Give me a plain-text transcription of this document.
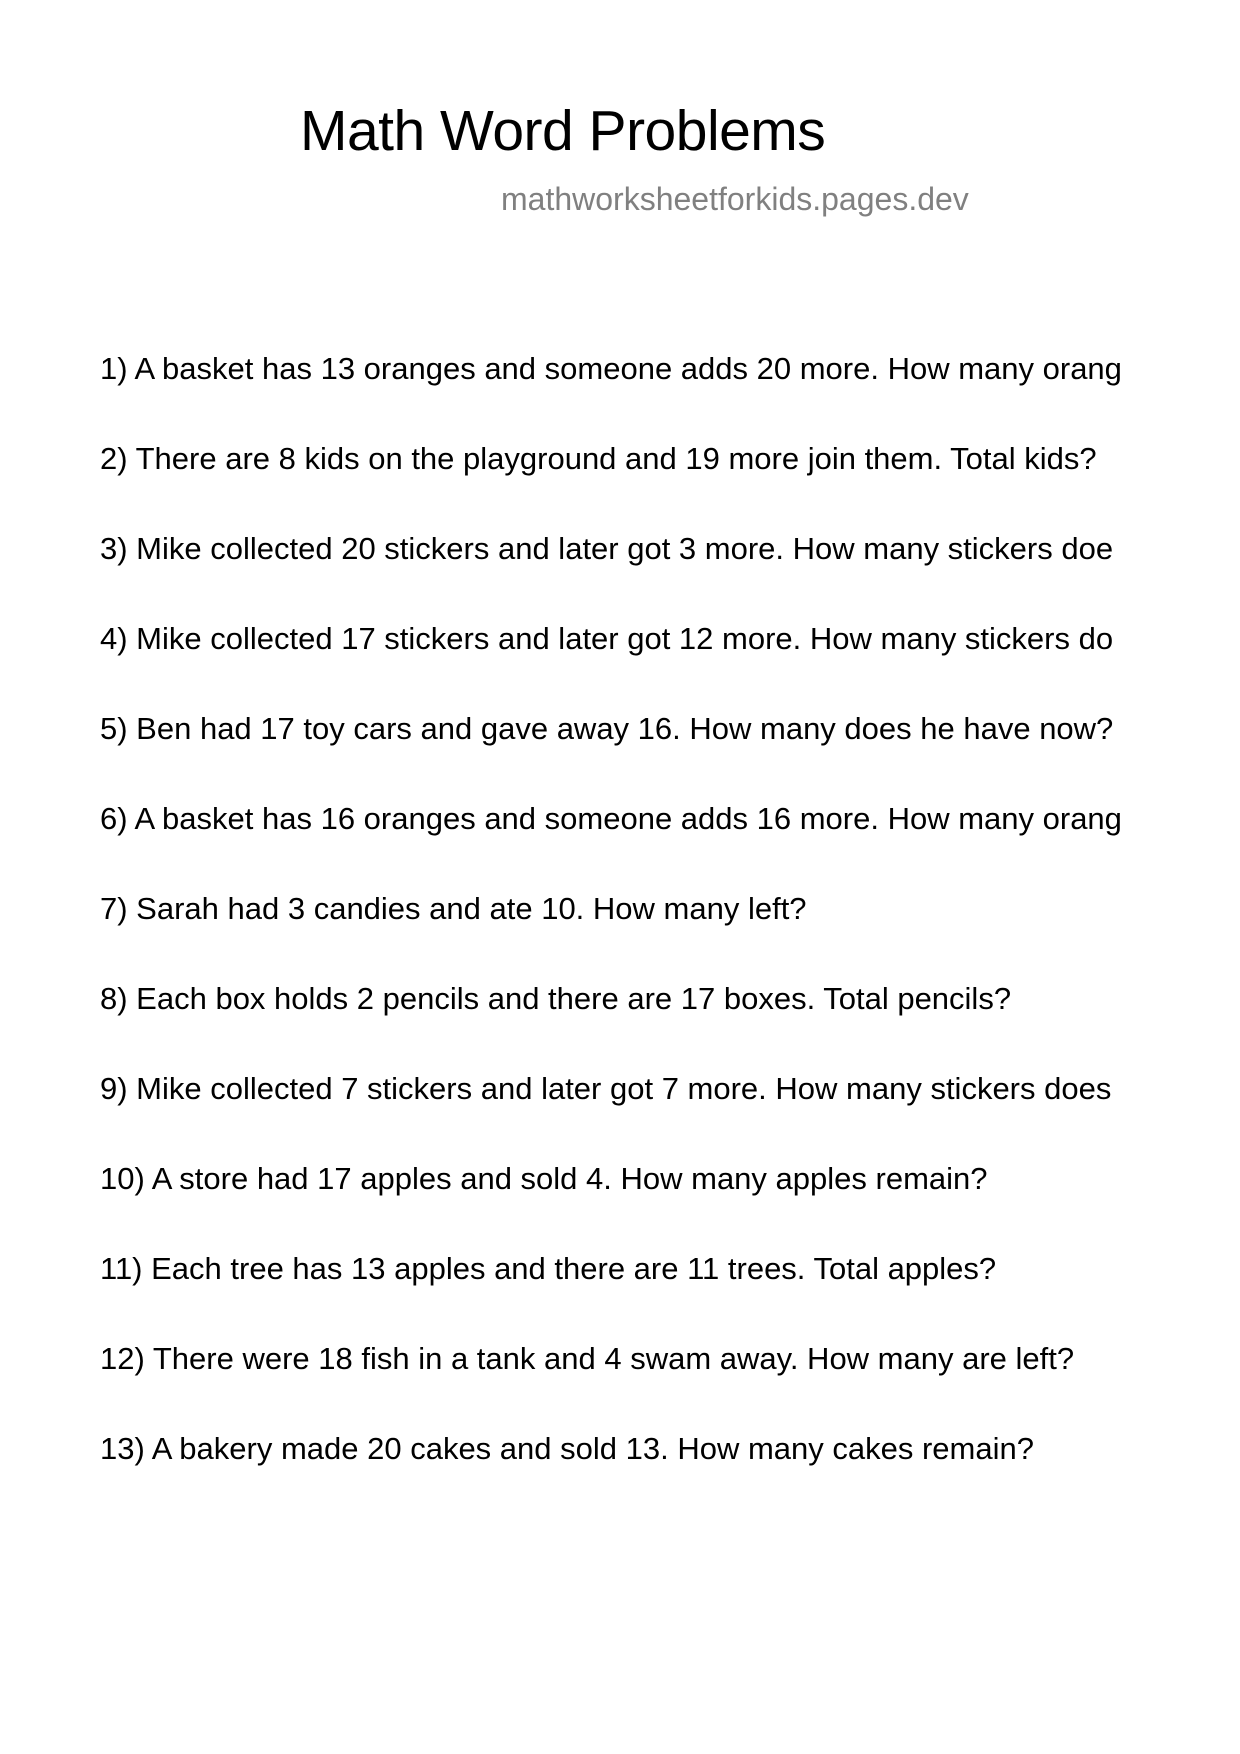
Math Word Problems
mathworksheetforkids.pages.dev
1) A basket has 13 oranges and someone adds 20 more. How many orang
2) There are 8 kids on the playground and 19 more join them. Total kids?
3) Mike collected 20 stickers and later got 3 more. How many stickers doe
4) Mike collected 17 stickers and later got 12 more. How many stickers do
5) Ben had 17 toy cars and gave away 16. How many does he have now?
6) A basket has 16 oranges and someone adds 16 more. How many orang
7) Sarah had 3 candies and ate 10. How many left?
8) Each box holds 2 pencils and there are 17 boxes. Total pencils?
9) Mike collected 7 stickers and later got 7 more. How many stickers does
10) A store had 17 apples and sold 4. How many apples remain?
11) Each tree has 13 apples and there are 11 trees. Total apples?
12) There were 18 fish in a tank and 4 swam away. How many are left?
13) A bakery made 20 cakes and sold 13. How many cakes remain?
